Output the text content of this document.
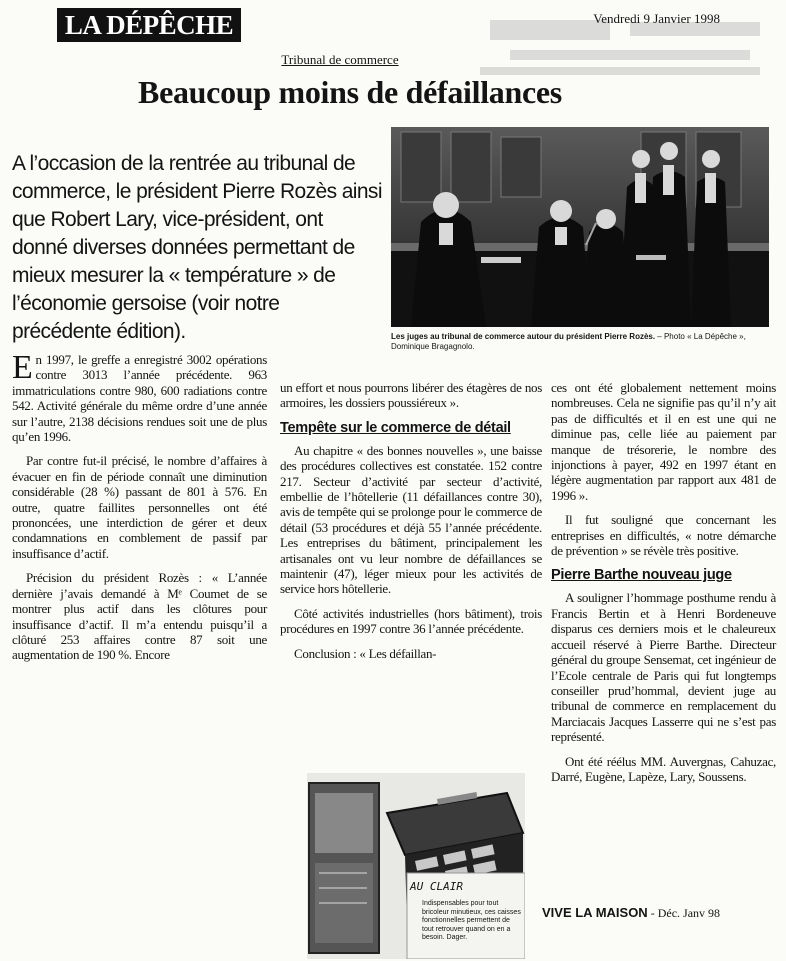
LA DÉPÊCHE	Vendredi 9 Janvier 1998
Tribunal de commerce
Beaucoup moins de défaillances
A l’occasion de la rentrée au tribunal de commerce, le président Pierre Rozès ainsi que Robert Lary, vice-président, ont donné diverses données permettant de mieux mesurer la « température » de l’économie gersoise (voir notre précédente édition).	Les juges au tribunal de commerce autour du président Pierre Rozès. – Photo « La Dépêche », Dominique Bragagnolo.

En 1997, le greffe a enregistré 3002 opérations contre 3013 l’année précédente. 963 immatriculations contre 980, 600 radiations contre 542. Activité générale du même ordre d’une année sur l’autre, 2138 décisions rendues soit une de plus qu’en 1996.

Par contre fut-il précisé, le nombre d’affaires à évacuer en fin de période connaît une diminution considérable (28 %) passant de 801 à 576. En outre, quatre faillites personnelles ont été prononcées, une interdiction de gérer et deux condamnations en comblement de passif par insuffisance d’actif.

Précision du président Rozès : « L’année dernière j’avais demandé à Mᵉ Coumet de se montrer plus actif dans les clôtures pour insuffisance d’actif. Il m’a entendu puisqu’il a clôturé 253 affaires contre 87 soit une augmentation de 190 %. Encore

un effort et nous pourrons libérer des étagères de nos armoires, les dossiers poussiéreux ».

Tempête sur le commerce de détail

Au chapitre « des bonnes nouvelles », une baisse des procédures collectives est constatée. 152 contre 217. Secteur d’activité par secteur d’activité, embellie de l’hôtellerie (11 défaillances contre 30), avis de tempête qui se prolonge pour le commerce de détail (53 procédures et déjà 55 l’année précédente. Les entreprises du bâtiment, principalement les artisanales ont vu leur nombre de défaillances se maintenir (47), léger mieux pour les activités de service hors hôtellerie.

Côté activités industrielles (hors bâtiment), trois procédures en 1997 contre 36 l’année précédente.

Conclusion : « Les défaillan-

ces ont été globalement nettement moins nombreuses. Cela ne signifie pas qu’il n’y ait pas de difficultés et il en est une qui ne diminue pas, celle liée au paiement par manque de trésorerie, le nombre des injonctions à payer, 492 en 1997 étant en légère augmentation par rapport aux 481 de 1996 ».

Il fut souligné que concernant les entreprises en difficultés, « notre démarche de prévention » se révèle très positive.

Pierre Barthe nouveau juge

A souligner l’hommage posthume rendu à Francis Bertin et à Henri Bordeneuve disparus ces derniers mois et le chaleureux accueil réservé à Pierre Barthe. Directeur général du groupe Sensemat, cet ingénieur de l’Ecole centrale de Paris qui fut longtemps conseiller prud’hommal, devient juge au tribunal de commerce en remplacement du Marciacais Jacques Lasserre qui ne s’est pas représenté.

Ont été réélus MM. Auvergnas, Cahuzac, Darré, Eugène, Lapèze, Lary, Soussens.

AU CLAIR
Indispensables pour tout bricoleur minutieux, ces caisses fonctionnelles permettent de tout retrouver quand on en a besoin. Dager.
VIVE LA MAISON - Déc. Janv 98
